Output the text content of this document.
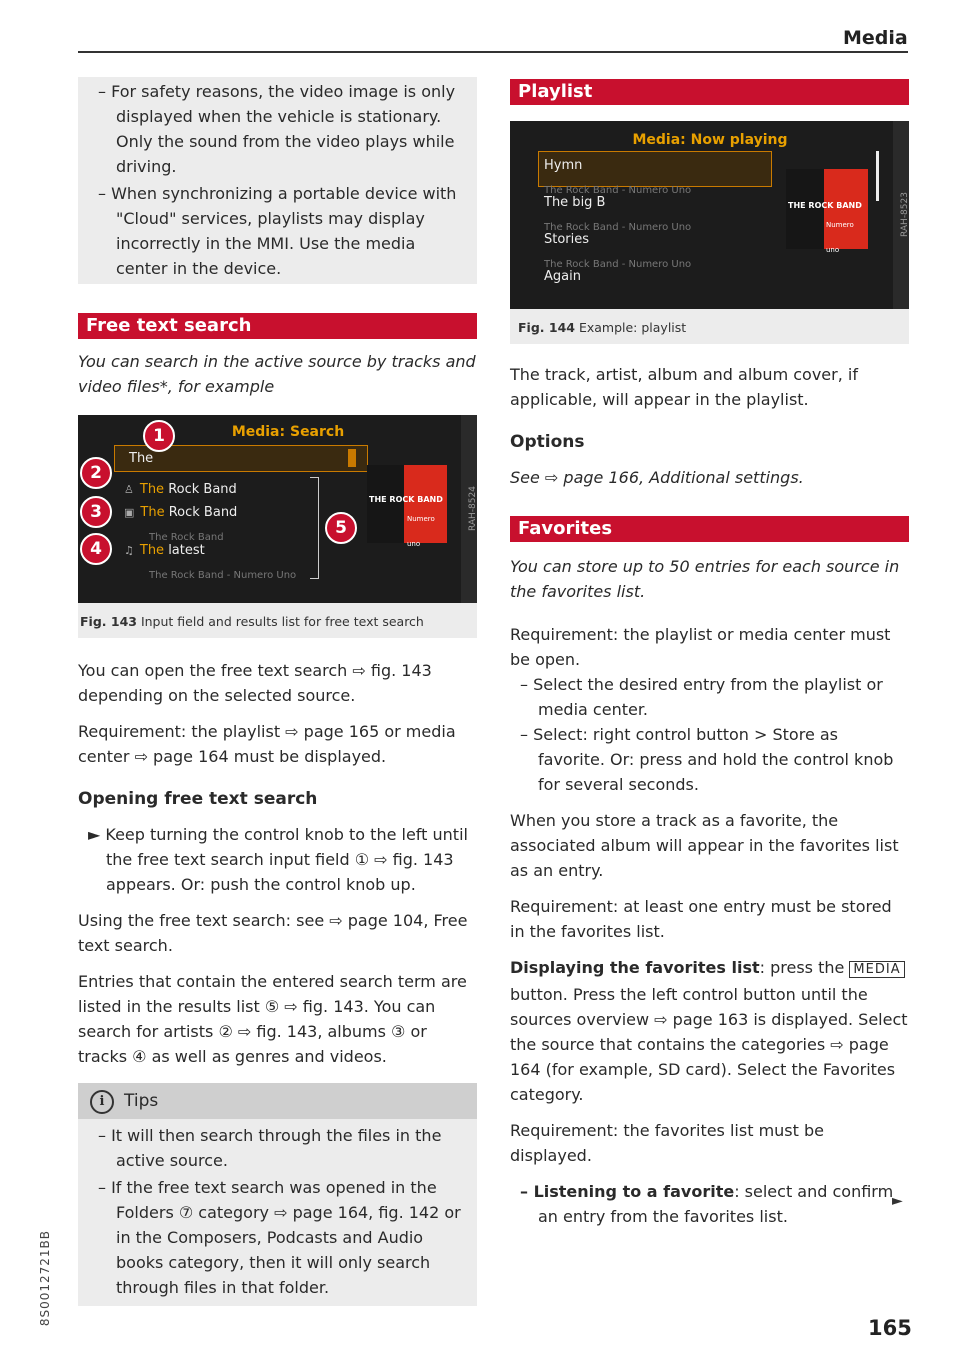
Media
8S0012721BB
165

– For safety reasons, the video image is only displayed when the vehicle is stationary. Only the sound from the video plays while driving.

– When synchronizing a portable device with "Cloud" services, playlists may display incorrectly in the MMI. Use the media center in the device.

Free text search

You can search in the active source by tracks and video files*, for example

Media: Search
RAH-8524
The
♙ The Rock Band
▣ The Rock Band
The Rock Band
♫ The latest
The Rock Band - Numero Uno
THE ROCK BAND
Numero uno
1
2
3
4
5
Fig. 143 Input field and results list for free text search

You can open the free text search ⇨ fig. 143 depending on the selected source.

Requirement: the playlist ⇨ page 165 or media center ⇨ page 164 must be displayed.

Opening free text search

► Keep turning the control knob to the left until the free text search input field ① ⇨ fig. 143 appears. Or: push the control knob up.

Using the free text search: see ⇨ page 104, Free text search.

Entries that contain the entered search term are listed in the results list ⑤ ⇨ fig. 143. You can search for artists ② ⇨ fig. 143, albums ③ or tracks ④ as well as genres and videos.

i	Tips

– It will then search through the files in the active source.

– If the free text search was opened in the Folders ⑦ category ⇨ page 164, fig. 142 or in the Composers, Podcasts and Audio books category, then it will only search through files in that folder.

Playlist
Media: Now playing
RAH-8523
Hymn
The Rock Band - Numero Uno
The big B
The Rock Band - Numero Uno
Stories
The Rock Band - Numero Uno
Again
THE ROCK BAND
Numero uno
Fig. 144 Example: playlist

The track, artist, album and album cover, if applicable, will appear in the playlist.

Options

See ⇨ page 166, Additional settings.

Favorites

You can store up to 50 entries for each source in the favorites list.

Requirement: the playlist or media center must be open.

– Select the desired entry from the playlist or media center.

– Select: right control button > Store as favorite. Or: press and hold the control knob for several seconds.

When you store a track as a favorite, the associated album will appear in the favorites list as an entry.

Requirement: at least one entry must be stored in the favorites list.

Displaying the favorites list: press the MEDIA button. Press the left control button until the sources overview ⇨ page 163 is displayed. Select the source that contains the categories ⇨ page 164 (for example, SD card). Select the Favorites category.

Requirement: the favorites list must be displayed.

– Listening to a favorite: select and confirm an entry from the favorites list.

►
